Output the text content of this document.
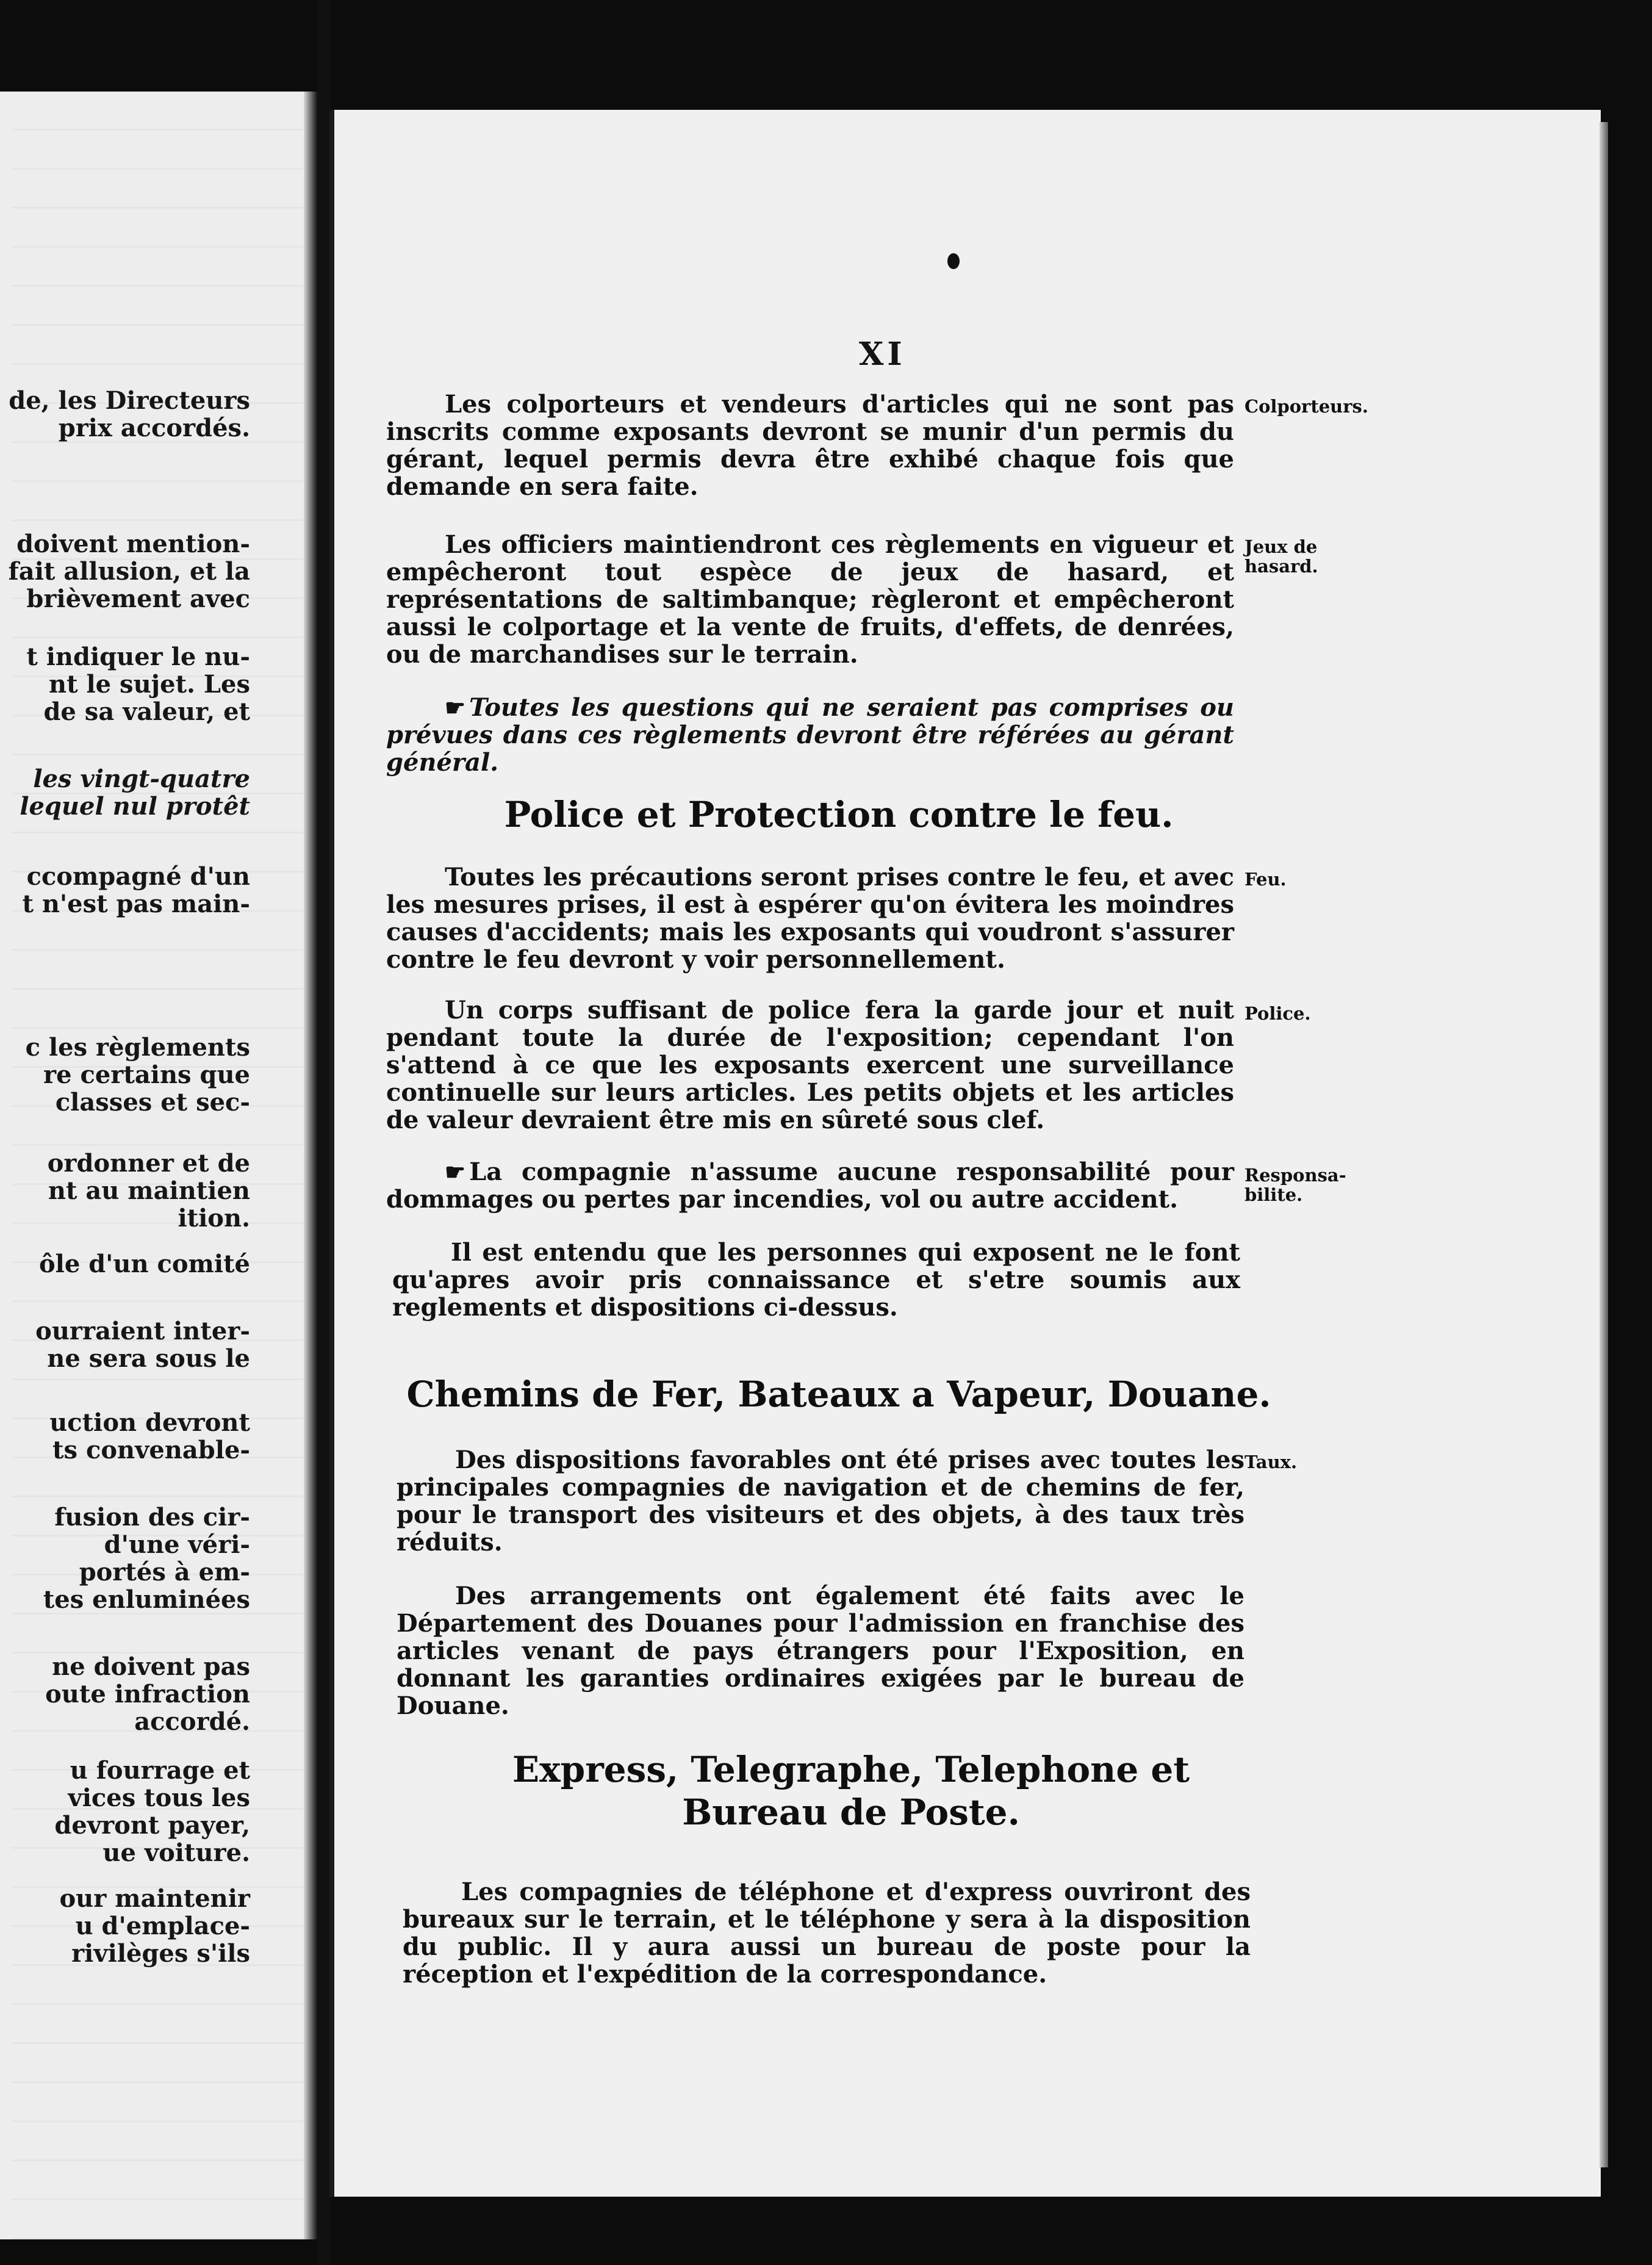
de, les Directeurs
prix accordés.
doivent mention-
fait allusion, et la
brièvement avec
t indiquer le nu-
nt le sujet. Les
de sa valeur, et
les vingt-quatre
lequel nul protêt
ccompagné d'un
t n'est pas main-
c les règlements
re certains que
classes et sec-
ordonner et de
nt au maintien
ition.
ôle d'un comité
ourraient inter-
ne sera sous le
uction devront
ts convenable-
fusion des cir-
d'une véri-
portés à em-
tes enluminées
ne doivent pas
oute infraction
accordé.
u fourrage et
vices tous les
devront payer,
ue voiture.
our maintenir
u d'emplace-
rivilèges s'ils
XI

Les colporteurs et vendeurs d'articles qui ne sont pas inscrits comme exposants devront se munir d'un permis du gérant, lequel permis devra être exhibé chaque fois que demande en sera faite.

Colporteurs.

Les officiers maintiendront ces règlements en vigueur et empêcheront tout espèce de jeux de hasard, et représentations de saltimbanque; règleront et empêcheront aussi le colportage et la vente de fruits, d'effets, de denrées, ou de marchandises sur le terrain.

Jeux de
hasard.

☛ Toutes les questions qui ne seraient pas comprises ou prévues dans ces règlements devront être référées au gérant général.

Police et Protection contre le feu.

Toutes les précautions seront prises contre le feu, et avec les mesures prises, il est à espérer qu'on évitera les moindres causes d'accidents; mais les exposants qui voudront s'assurer contre le feu devront y voir personnellement.

Feu.

Un corps suffisant de police fera la garde jour et nuit pendant toute la durée de l'exposition; cependant l'on s'attend à ce que les exposants exercent une surveillance continuelle sur leurs articles. Les petits objets et les articles de valeur devraient être mis en sûreté sous clef.

Police.

☛ La compagnie n'assume aucune responsabilité pour dommages ou pertes par incendies, vol ou autre accident.

Responsa-
bilite.

Il est entendu que les personnes qui exposent ne le font qu'apres avoir pris connaissance et s'etre soumis aux reglements et dispositions ci-dessus.

Chemins de Fer, Bateaux a Vapeur, Douane.

Des dispositions favorables ont été prises avec toutes les principales compagnies de navigation et de chemins de fer, pour le transport des visiteurs et des objets, à des taux très réduits.

Taux.

Des arrangements ont également été faits avec le Département des Douanes pour l'admission en franchise des articles venant de pays étrangers pour l'Exposition, en donnant les garanties ordinaires exigées par le bureau de Douane.

Express, Telegraphe, Telephone et
Bureau de Poste.

Les compagnies de téléphone et d'express ouvriront des bureaux sur le terrain, et le téléphone y sera à la disposition du public. Il y aura aussi un bureau de poste pour la réception et l'expédition de la correspondance.
